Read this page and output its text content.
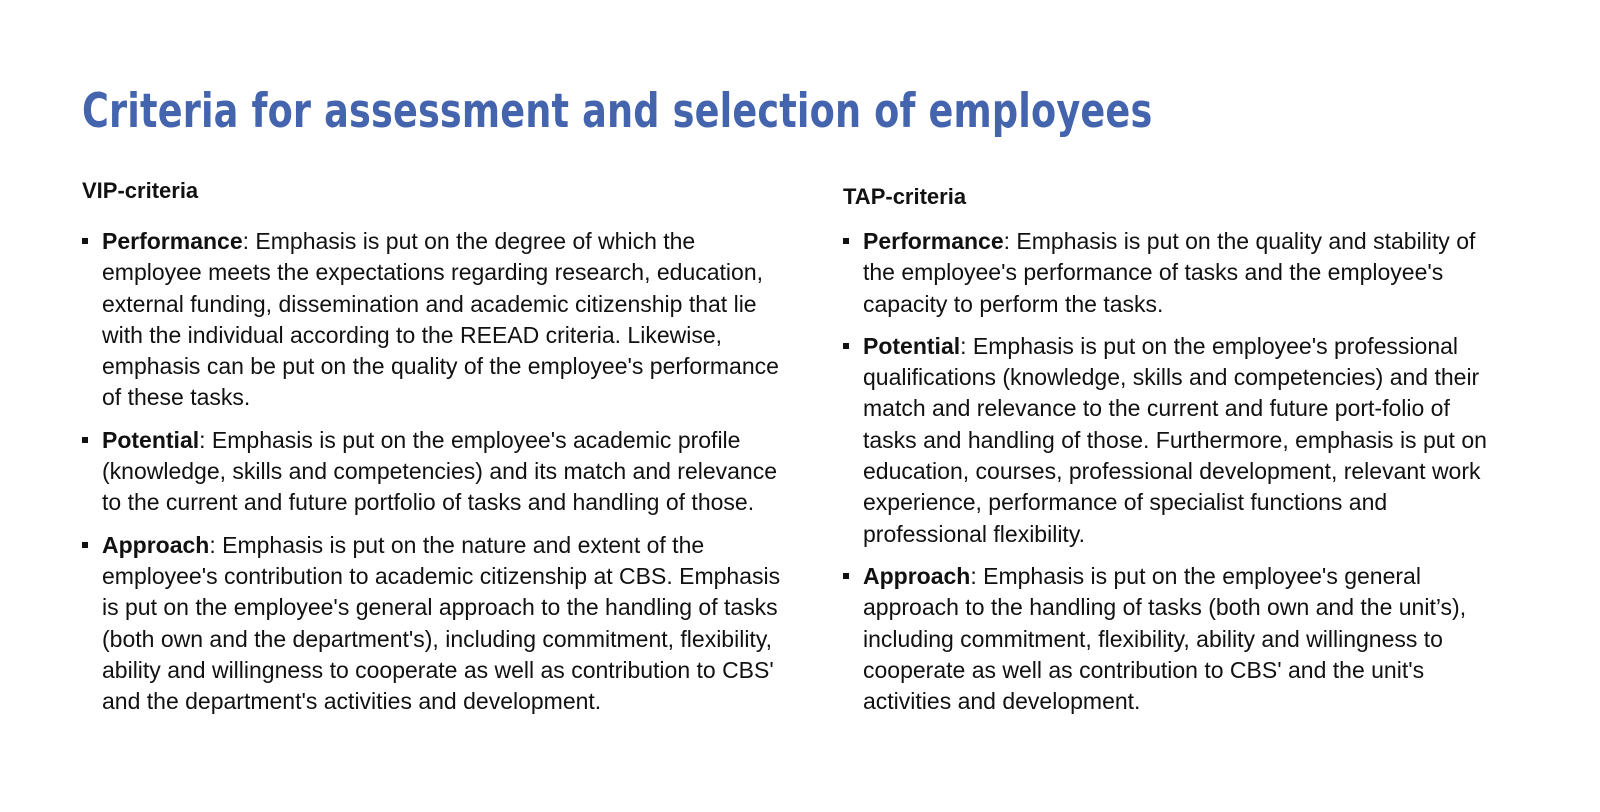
Criteria for assessment and selection of employees
VIP-criteria
Performance: Emphasis is put on the degree of which the employee meets the expectations regarding research, education, external funding, dissemination and academic citizenship that lie with the individual according to the REEAD criteria. Likewise, emphasis can be put on the quality of the employee's performance of these tasks.
Potential: Emphasis is put on the employee's academic profile (knowledge, skills and competencies) and its match and relevance to the current and future portfolio of tasks and handling of those.
Approach: Emphasis is put on the nature and extent of the employee's contribution to academic citizenship at CBS. Emphasis is put on the employee's general approach to the handling of tasks (both own and the department's), including commitment, flexibility, ability and willingness to cooperate as well as contribution to CBS' and the department's activities and development.
TAP-criteria
Performance: Emphasis is put on the quality and stability of the employee's performance of tasks and the employee's capacity to perform the tasks.
Potential: Emphasis is put on the employee's professional qualifications (knowledge, skills and competencies) and their match and relevance to the current and future port-folio of tasks and handling of those. Furthermore, emphasis is put on education, courses, professional development, relevant work experience, performance of specialist functions and professional flexibility.
Approach: Emphasis is put on the employee's general approach to the handling of tasks (both own and the unit’s), including commitment, flexibility, ability and willingness to cooperate as well as contribution to CBS' and the unit's activities and development.
